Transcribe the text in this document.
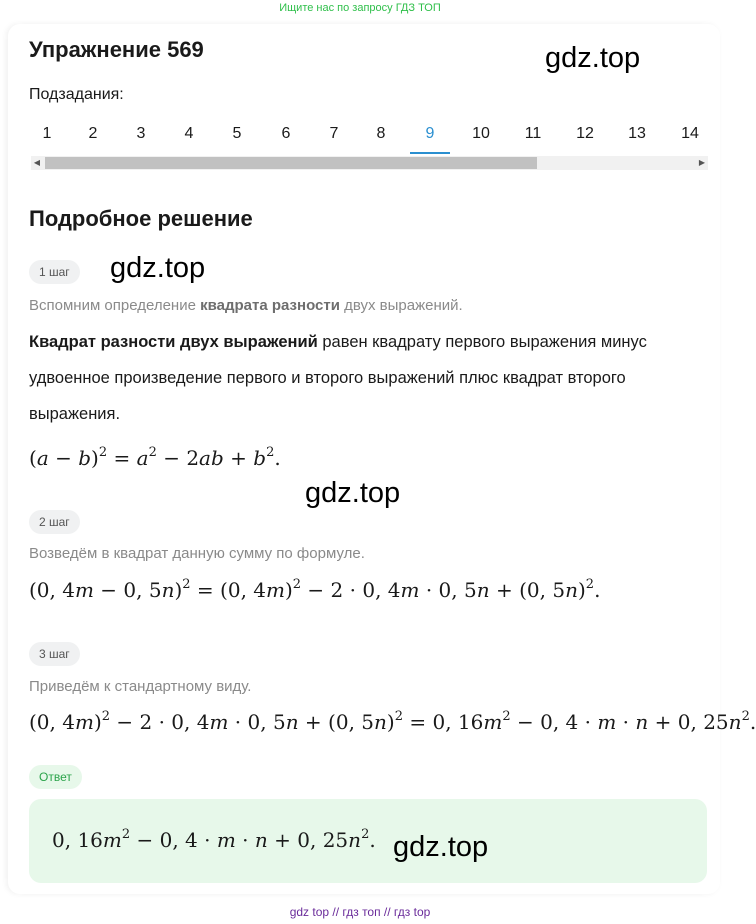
Ищите нас по запросу ГДЗ ТОП
Упражнение 569	gdz.top
Подзадания:
1	2	3	4	5	6	7	8	9	10	11	12	13	14
◀	▶
Подробное решение
1 шаг	gdz.top
Вспомним определение квадрата разности двух выражений.
Квадрат разности двух выражений равен квадрату первого выражения минус удвоенное произведение первого и второго выражений плюс квадрат второго выражения.
$(a - b)^2 = a^2 - 2ab + b^2$.
gdz.top
2 шаг
Возведём в квадрат данную сумму по формуле.
(0, 4m − 0, 5n)$^2$ = (0, 4m)$^2$ − 2 · 0, 4m · 0, 5n + (0, 5n)$^2$.
3 шаг
Приведём к стандартному виду.
(0, 4m)$^2$ − 2 · 0, 4m · 0, 5n + (0, 5n)$^2$ = 0, $16m^2 - 0$, 4 · m · n + 0, $25n^2$.
Ответ
0, $16m^2 - 0$, 4 · m · n + 0, $25n^2$. gdz.top
gdz top // гдз топ // гдз top
